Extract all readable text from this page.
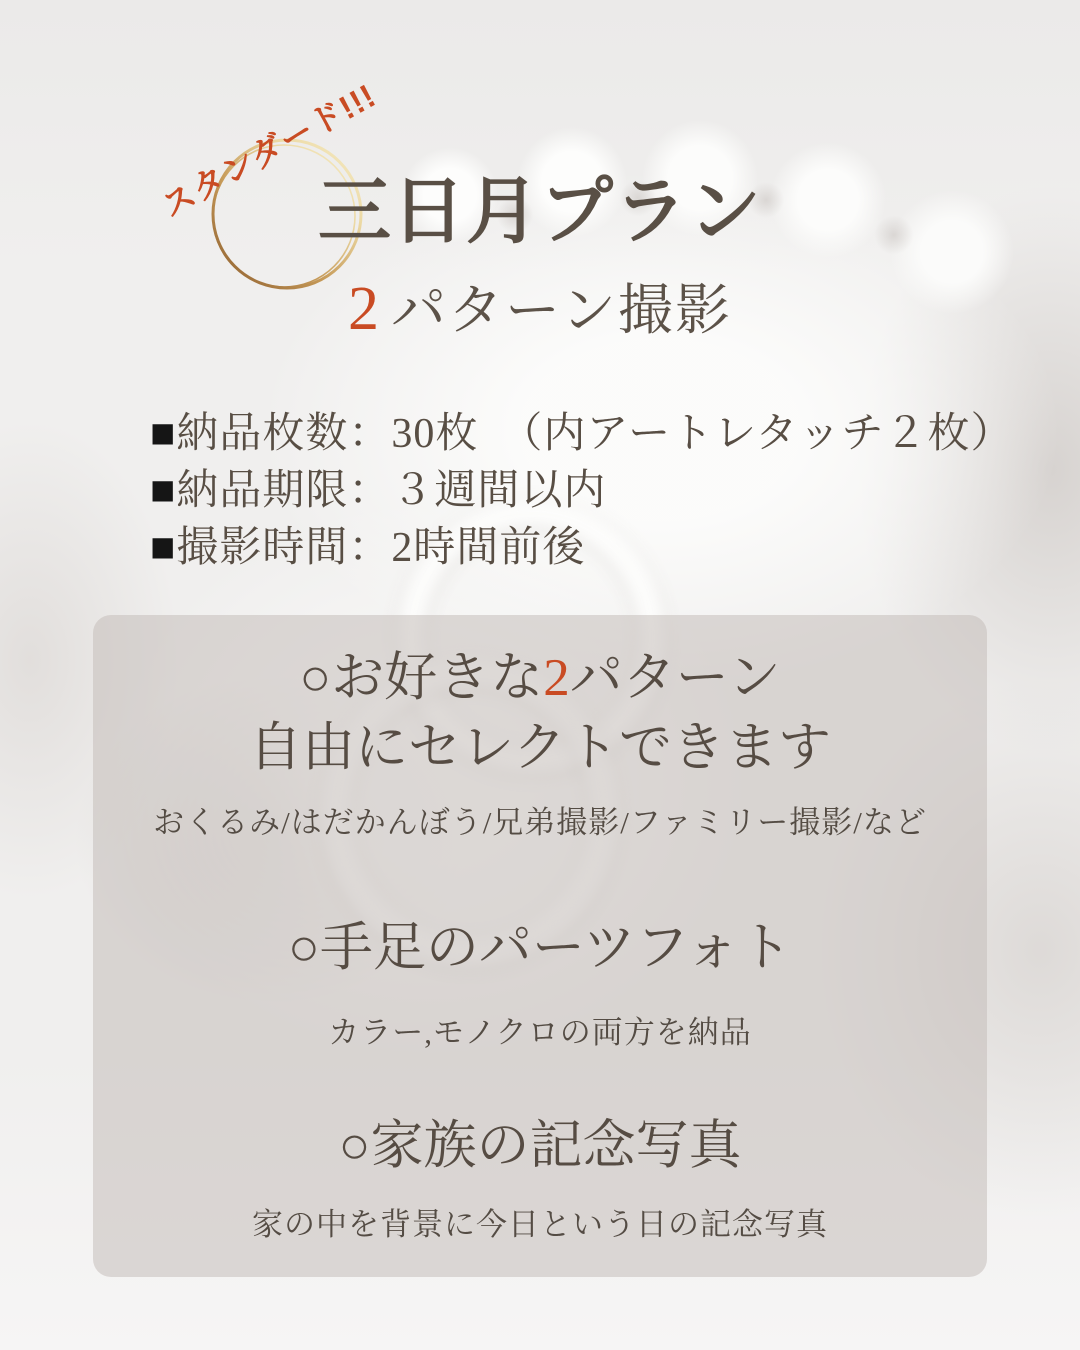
スタンダード!!!
三日月プラン
2 パターン撮影
■納品枚数：30枚　（内アートレタッチ２枚）
■納品期限：３週間以内
■撮影時間：2時間前後
○お好きな2パターン
自由にセレクトできます
おくるみ/はだかんぼう/兄弟撮影/ファミリー撮影/など
○手足のパーツフォト
カラー,モノクロの両方を納品
○家族の記念写真
家の中を背景に今日という日の記念写真
